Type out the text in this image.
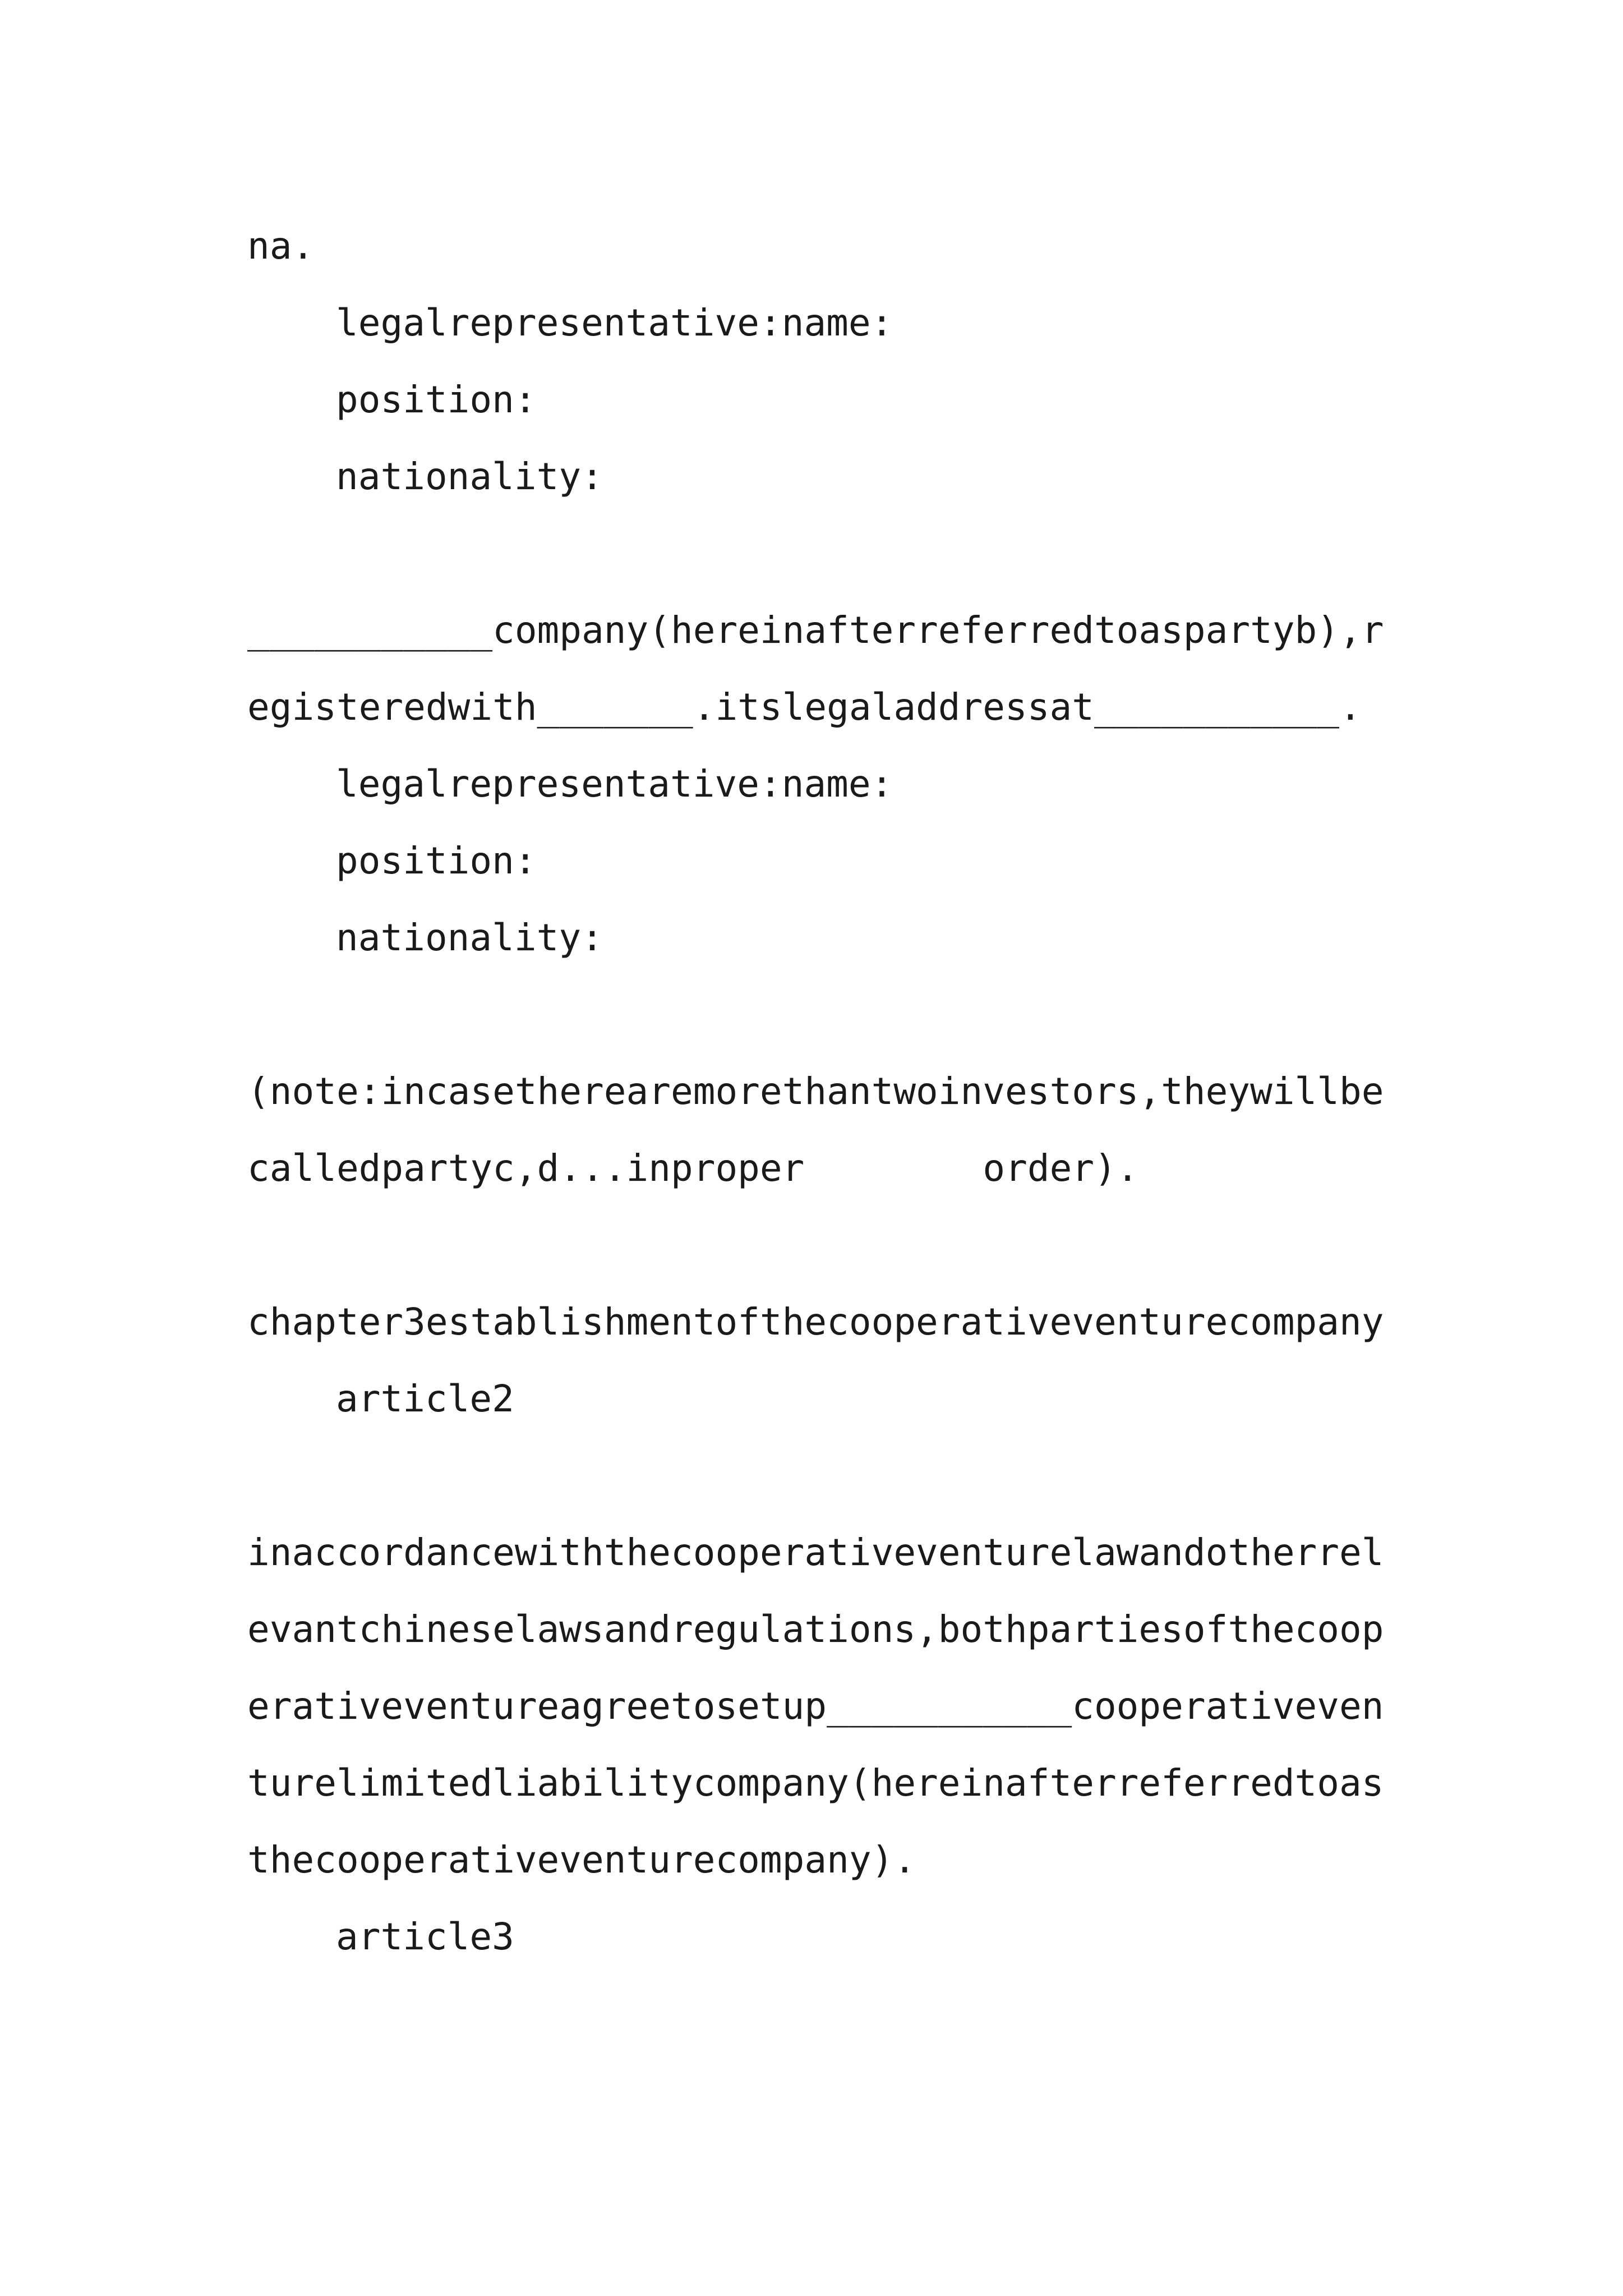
na.
legalrepresentative:name:
position:
nationality:
___________company(hereinafterreferredtoaspartyb),r
egisteredwith_______.itslegaladdressat___________.
legalrepresentative:name:
position:
nationality:
(note:incasetherearemorethantwoinvestors,theywillbe
calledpartyc,d...inproper	order).
chapter3establishmentofthecooperativeventurecompany
article2
inaccordancewiththecooperativeventurelawandotherrel
evantchineselawsandregulations,bothpartiesofthecoop
erativeventureagreetosetup___________cooperativeven
turelimitedliabilitycompany(hereinafterreferredtoas
thecooperativeventurecompany).
article3
